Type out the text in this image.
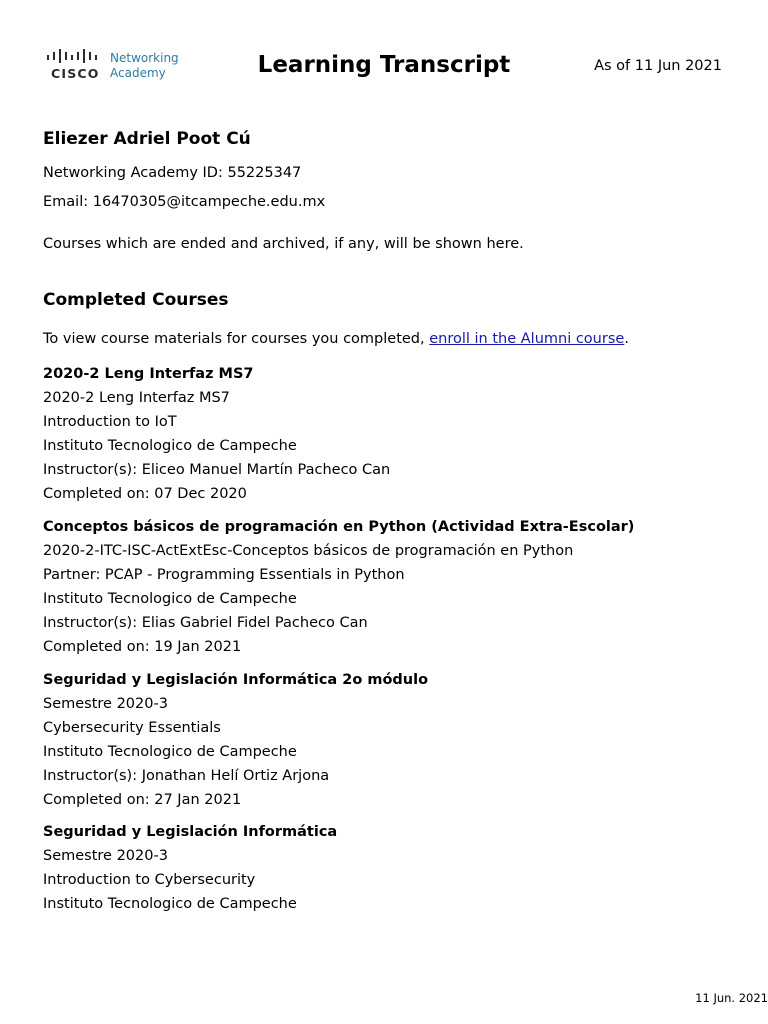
CISCO
Networking
Academy	Learning Transcript	As of 11 Jun 2021
Eliezer Adriel Poot Cú
Networking Academy ID: 55225347
Email: 16470305@itcampeche.edu.mx
Courses which are ended and archived, if any, will be shown here.
Completed Courses
To view course materials for courses you completed, enroll in the Alumni course.
2020-2 Leng Interfaz MS7
2020-2 Leng Interfaz MS7
Introduction to IoT
Instituto Tecnologico de Campeche
Instructor(s): Eliceo Manuel Martín Pacheco Can
Completed on: 07 Dec 2020
Conceptos básicos de programación en Python (Actividad Extra-Escolar)
2020-2-ITC-ISC-ActExtEsc-Conceptos básicos de programación en Python
Partner: PCAP - Programming Essentials in Python
Instituto Tecnologico de Campeche
Instructor(s): Elias Gabriel Fidel Pacheco Can
Completed on: 19 Jan 2021
Seguridad y Legislación Informática 2o módulo
Semestre 2020-3
Cybersecurity Essentials
Instituto Tecnologico de Campeche
Instructor(s): Jonathan Helí Ortiz Arjona
Completed on: 27 Jan 2021
Seguridad y Legislación Informática
Semestre 2020-3
Introduction to Cybersecurity
Instituto Tecnologico de Campeche
11 Jun. 2021
